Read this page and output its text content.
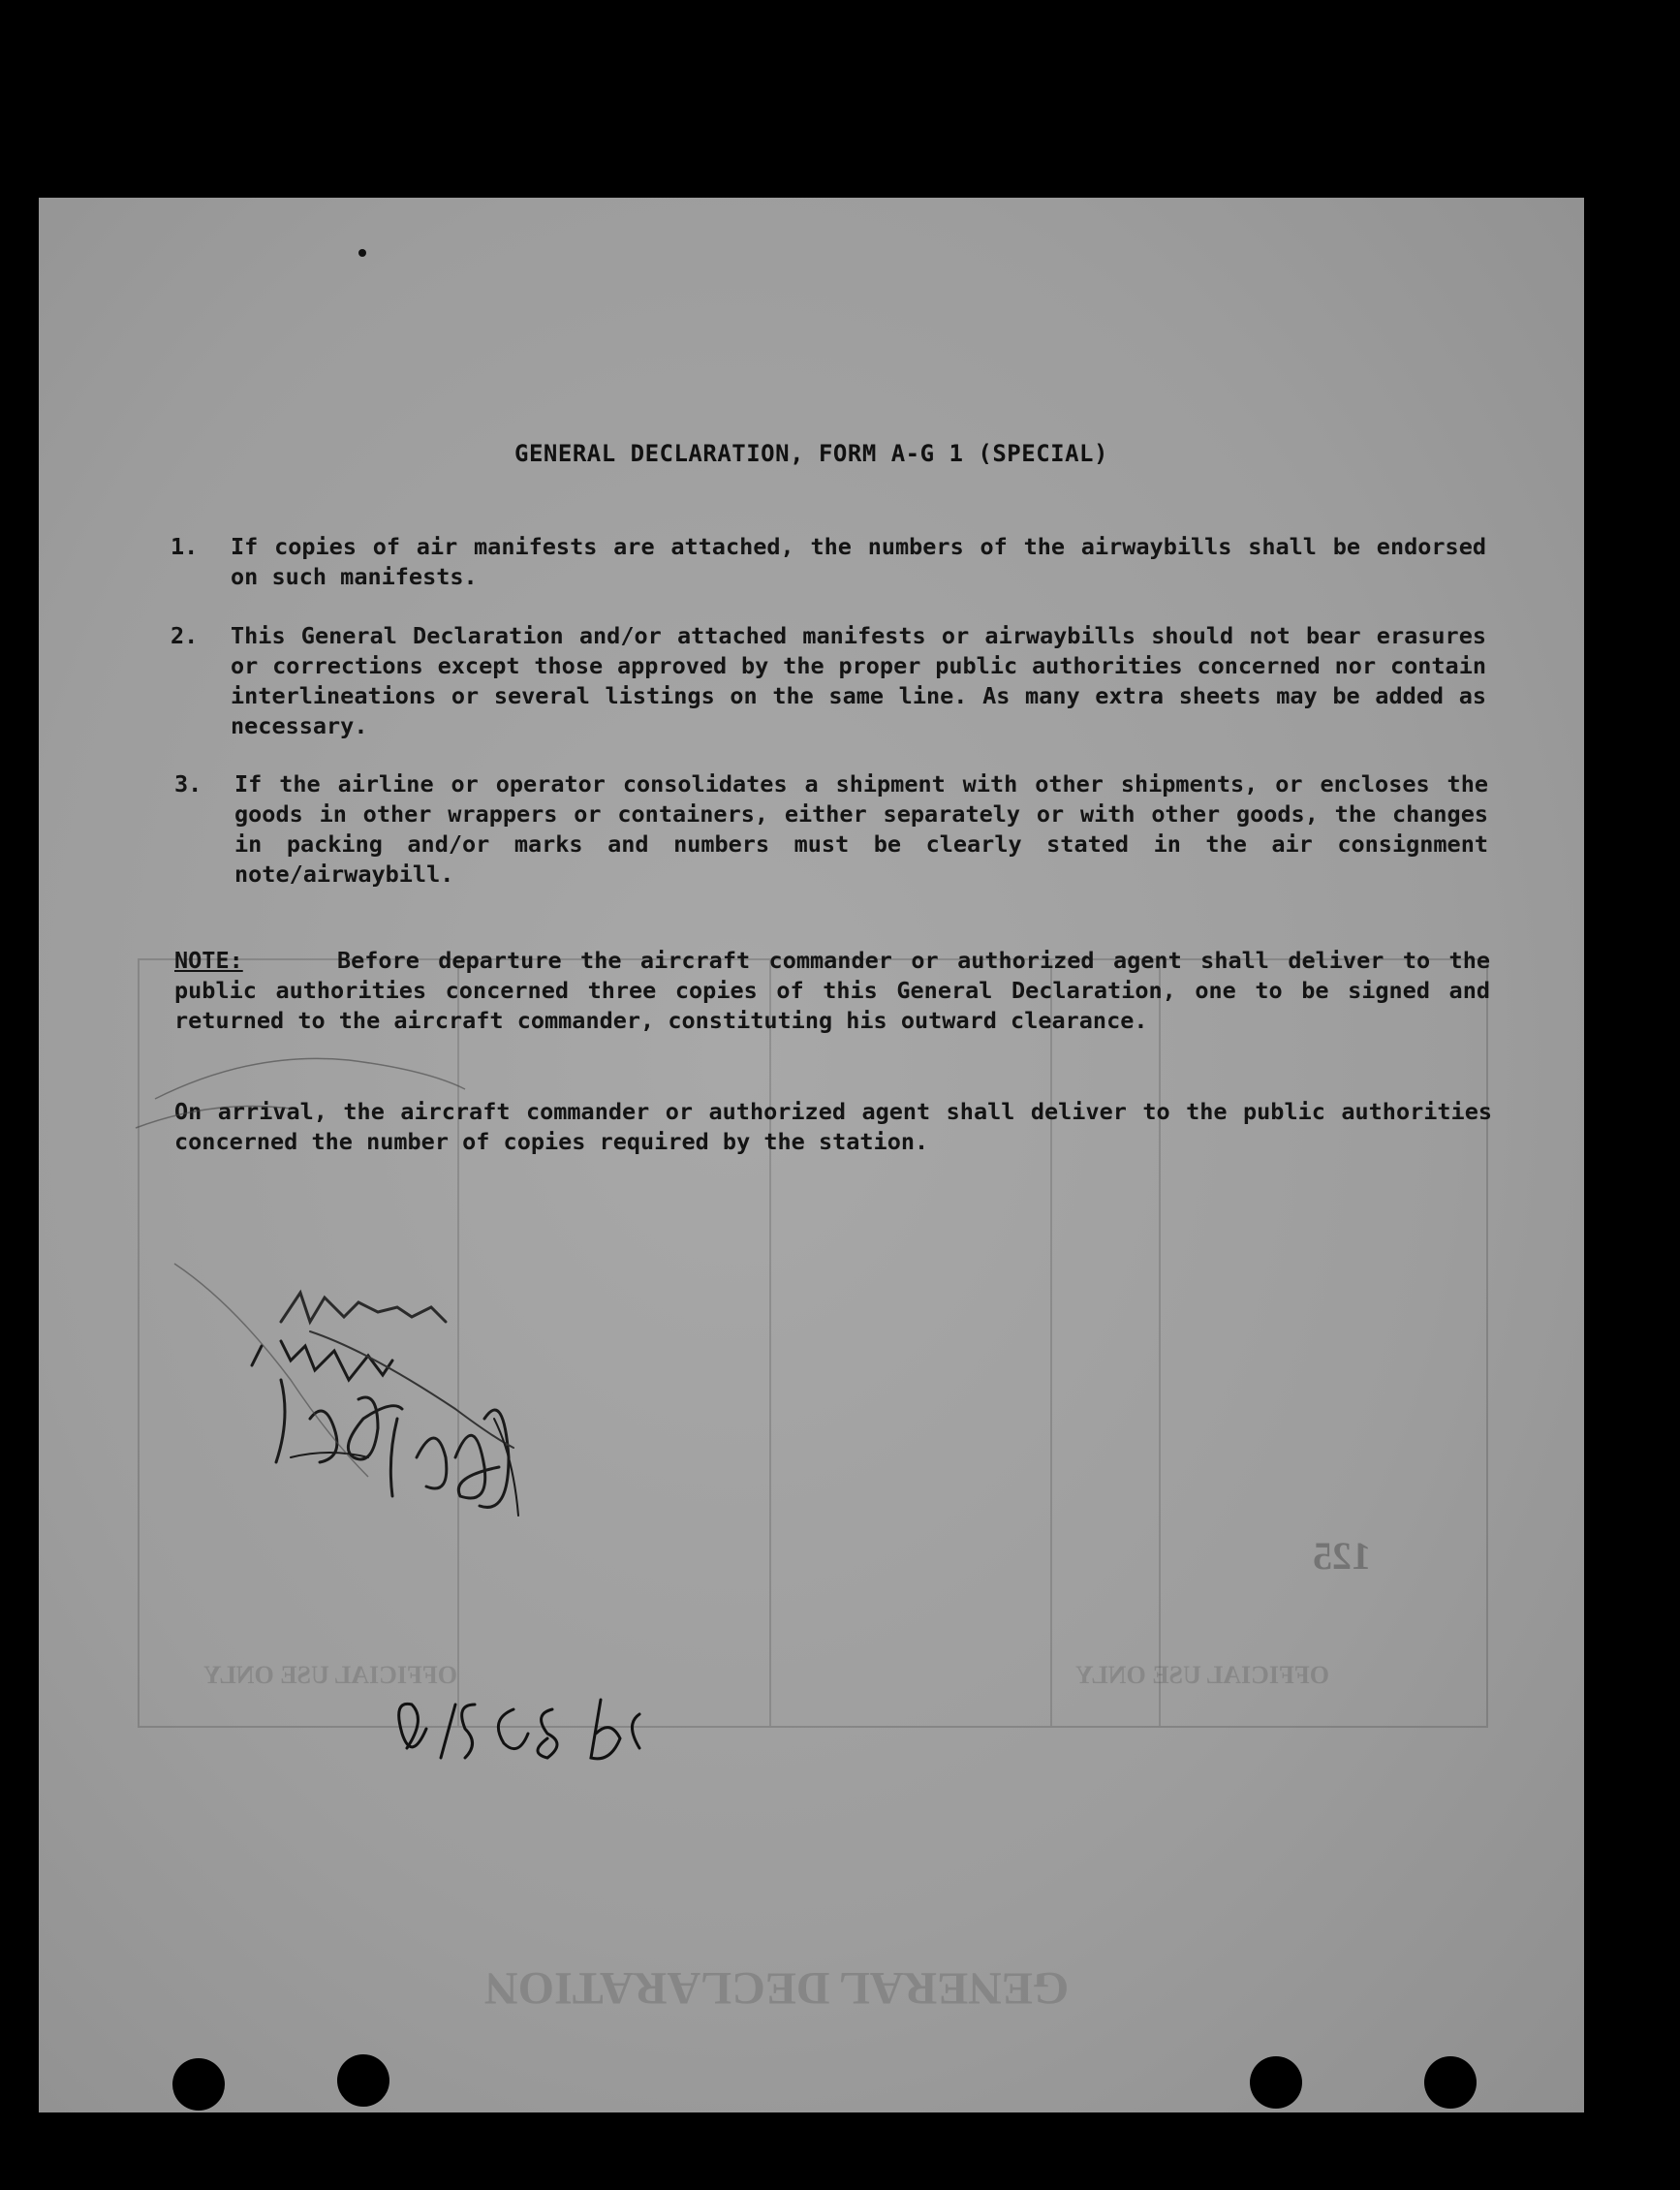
OFFICIAL USE ONLY	OFFICIAL USE ONLY
GENERAL DECLARATION
125
GENERAL DECLARATION, FORM A-G 1 (SPECIAL)
1. If copies of air manifests are attached, the numbers of the airwaybills shall be endorsed on such manifests.
2. This General Declaration and/or attached manifests or airwaybills should not bear erasures or corrections except those approved by the proper public authorities concerned nor contain interlineations or several listings on the same line. As many extra sheets may be added as necessary.
3. If the airline or operator consolidates a shipment with other shipments, or encloses the goods in other wrappers or containers, either separately or with other goods, the changes in packing and/or marks and numbers must be clearly stated in the air consignment note/airwaybill.
NOTE:	Before departure the aircraft commander or authorized agent shall deliver to the public authorities concerned three copies of this General Declaration, one to be signed and returned to the aircraft commander, constituting his outward clearance.
On arrival, the aircraft commander or authorized agent shall deliver to the public authorities concerned the number of copies required by the station.
